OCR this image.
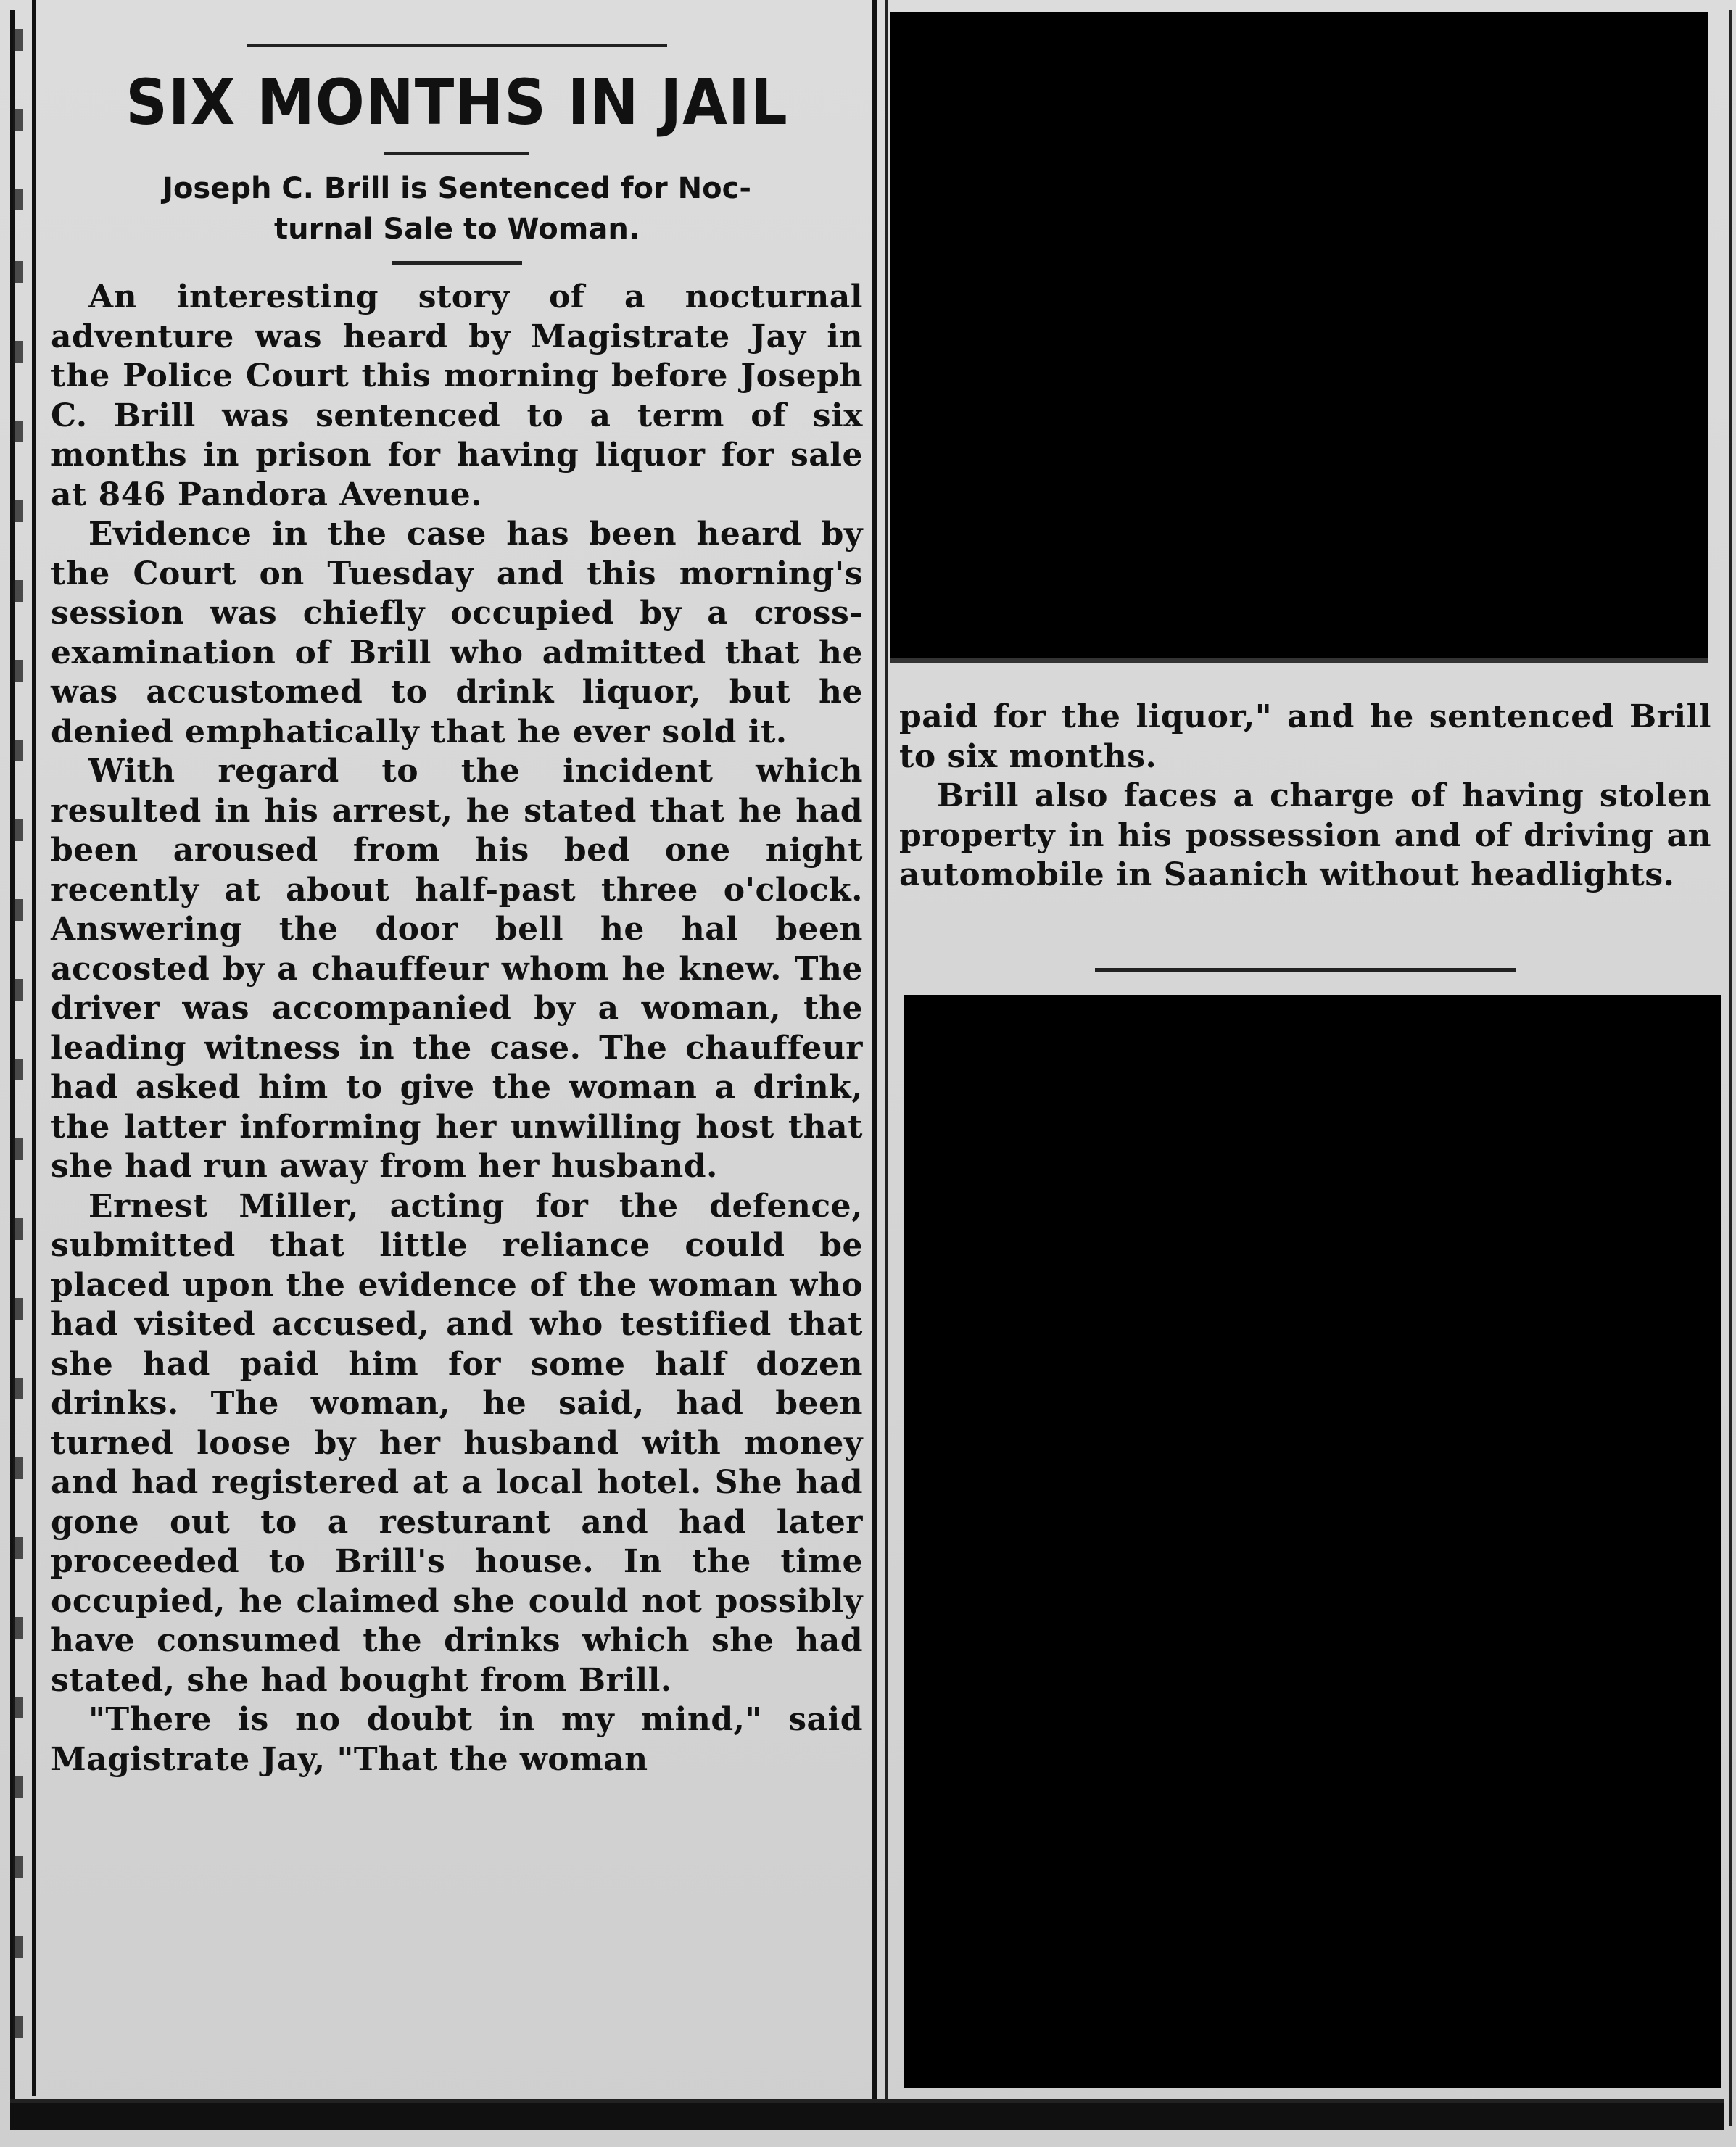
SIX MONTHS IN JAIL
Joseph C. Brill is Sentenced for Noc-
turnal Sale to Woman.

An interesting story of a nocturnal adventure was heard by Magistrate Jay in the Police Court this morning before Joseph C. Brill was sentenced to a term of six months in prison for having liquor for sale at 846 Pandora Avenue.

Evidence in the case has been heard by the Court on Tuesday and this morning's session was chiefly occupied by a cross-examination of Brill who admitted that he was accustomed to drink liquor, but he denied emphatically that he ever sold it.

With regard to the incident which resulted in his arrest, he stated that he had been aroused from his bed one night recently at about half-past three o'clock. Answering the door bell he hal been accosted by a chauffeur whom he knew. The driver was accompanied by a woman, the leading witness in the case. The chauffeur had asked him to give the woman a drink, the latter informing her unwilling host that she had run away from her husband.

Ernest Miller, acting for the defence, submitted that little reliance could be placed upon the evidence of the woman who had visited accused, and who testified that she had paid him for some half dozen drinks. The woman, he said, had been turned loose by her husband with money and had registered at a local hotel. She had gone out to a resturant and had later proceeded to Brill's house. In the time occupied, he claimed she could not possibly have consumed the drinks which she had stated, she had bought from Brill.

"There is no doubt in my mind," said Magistrate Jay, "That the woman

paid for the liquor," and he sentenced Brill to six months.

Brill also faces a charge of having stolen property in his possession and of driving an automobile in Saanich without headlights.
